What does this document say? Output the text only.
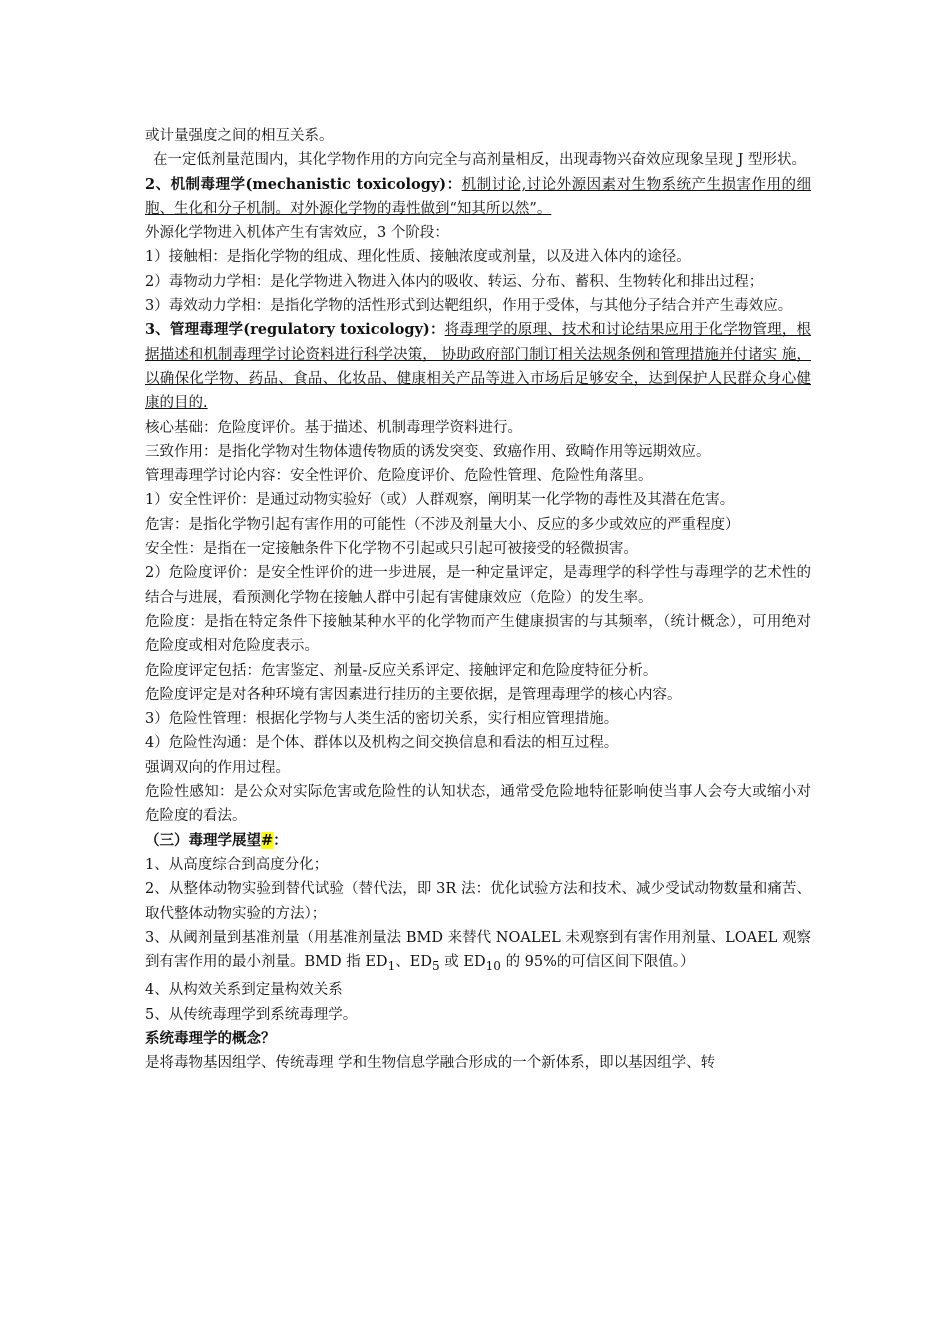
或计量强度之间的相互关系。

在一定低剂量范围内，其化学物作用的方向完全与高剂量相反，出现毒物兴奋效应现象呈现 J 型形状。

2、机制毒理学(mechanistic toxicology)：机制讨论,讨论外源因素对生物系统产生损害作用的细胞、生化和分子机制。对外源化学物的毒性做到“知其所以然”。

外源化学物进入机体产生有害效应，3 个阶段：

1）接触相：是指化学物的组成、理化性质、接触浓度或剂量，以及进入体内的途径。

2）毒物动力学相：是化学物进入物进入体内的吸收、转运、分布、蓄积、生物转化和排出过程；

3）毒效动力学相：是指化学物的活性形式到达靶组织，作用于受体，与其他分子结合并产生毒效应。

3、管理毒理学(regulatory toxicology)：将毒理学的原理、技术和讨论结果应用于化学物管理，根据描述和机制毒理学讨论资料进行科学决策， 协助政府部门制订相关法规条例和管理措施并付诸实 施，以确保化学物、药品、食品、化妆品、健康相关产品等进入市场后足够安全，达到保护人民群众身心健康的目的.

核心基础：危险度评价。基于描述、机制毒理学资料进行。

三致作用：是指化学物对生物体遗传物质的诱发突变、致癌作用、致畸作用等远期效应。

管理毒理学讨论内容：安全性评价、危险度评价、危险性管理、危险性角落里。

1）安全性评价：是通过动物实验好（或）人群观察，阐明某一化学物的毒性及其潜在危害。

危害：是指化学物引起有害作用的可能性（不涉及剂量大小、反应的多少或效应的严重程度）

安全性：是指在一定接触条件下化学物不引起或只引起可被接受的轻微损害。

2）危险度评价：是安全性评价的进一步进展，是一种定量评定，是毒理学的科学性与毒理学的艺术性的结合与进展，看预测化学物在接触人群中引起有害健康效应（危险）的发生率。

危险度：是指在特定条件下接触某种水平的化学物而产生健康损害的与其频率，（统计概念），可用绝对危险度或相对危险度表示。

危险度评定包括：危害鉴定、剂量-反应关系评定、接触评定和危险度特征分析。

危险度评定是对各种环境有害因素进行挂历的主要依据，是管理毒理学的核心内容。

3）危险性管理：根据化学物与人类生活的密切关系，实行相应管理措施。

4）危险性沟通：是个体、群体以及机构之间交换信息和看法的相互过程。

强调双向的作用过程。

危险性感知：是公众对实际危害或危险性的认知状态，通常受危险地特征影响使当事人会夸大或缩小对危险度的看法。

（三）毒理学展望#：

1、从高度综合到高度分化；

2、从整体动物实验到替代试验（替代法，即 3R 法：优化试验方法和技术、减少受试动物数量和痛苦、取代整体动物实验的方法）；

3、从阈剂量到基准剂量（用基准剂量法 BMD 来替代 NOALEL 未观察到有害作用剂量、LOAEL 观察到有害作用的最小剂量。BMD 指 $ED_1$、$ED_5$ 或 $ED_{10}$ 的 95%的可信区间下限值。）

4、从构效关系到定量构效关系

5、从传统毒理学到系统毒理学。

系统毒理学的概念？

是将毒物基因组学、传统毒理 学和生物信息学融合形成的一个新体系，即以基因组学、转
